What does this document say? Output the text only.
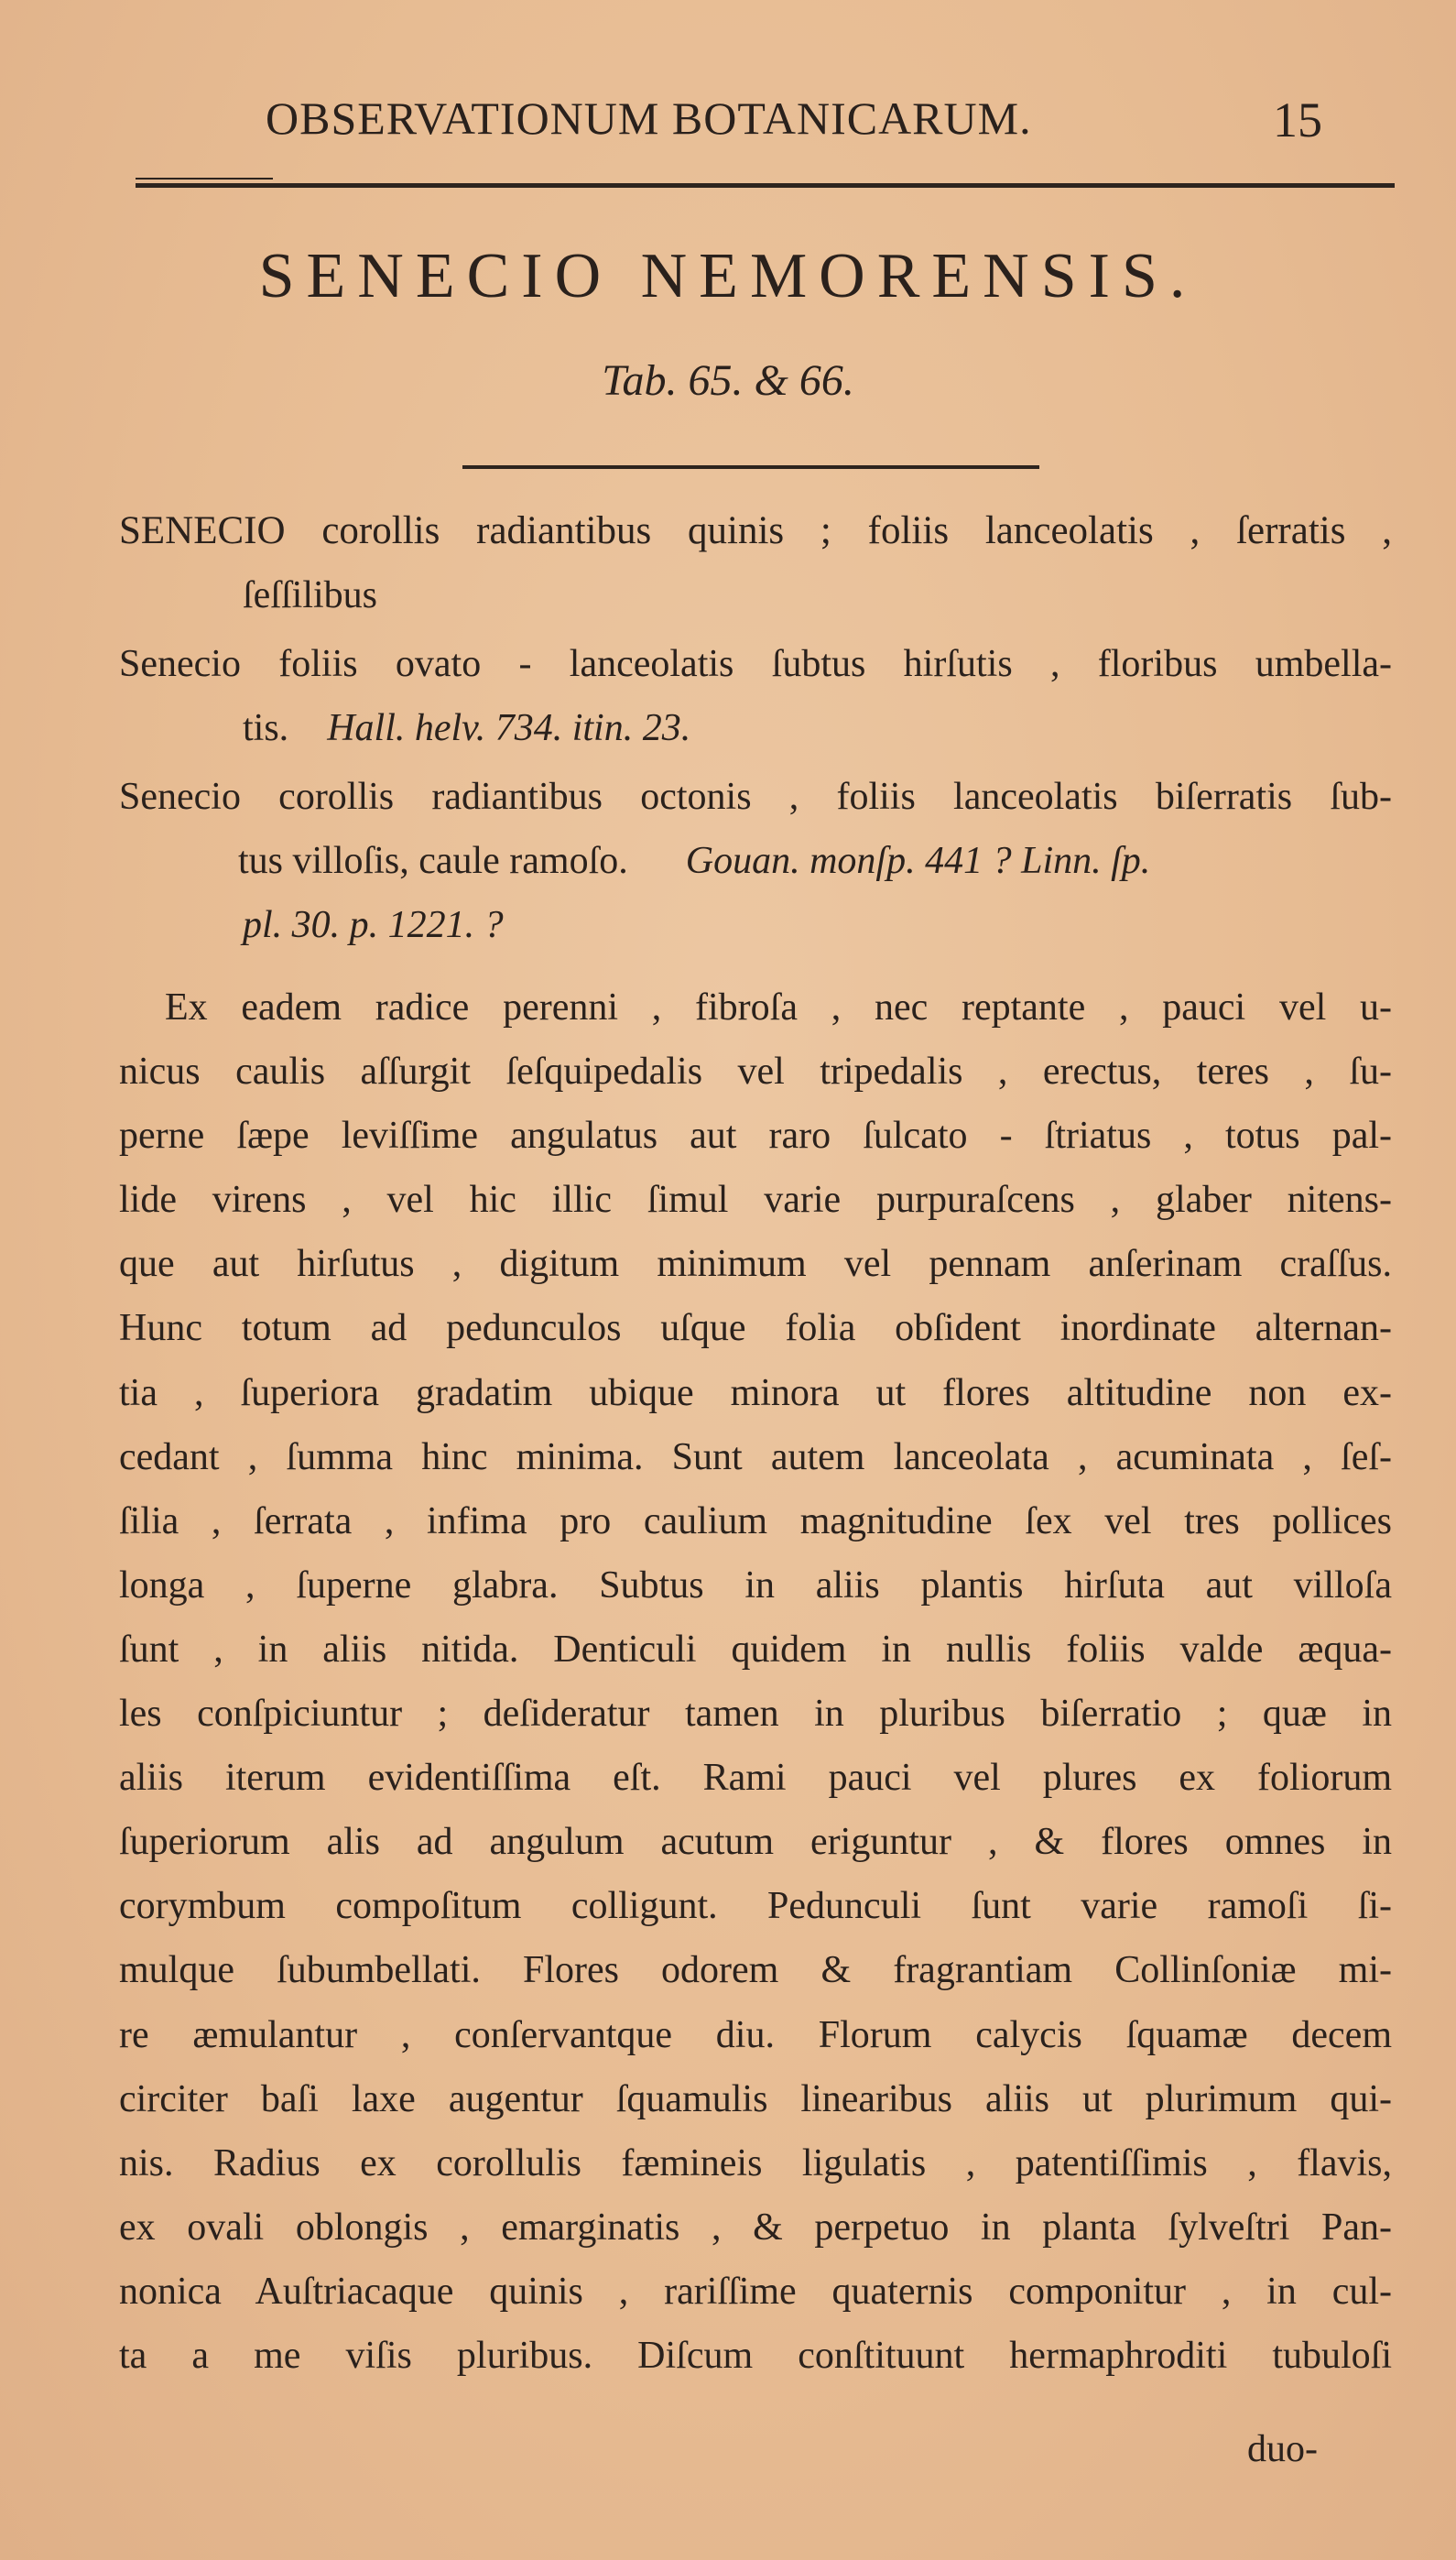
OBSERVATIONUM BOTANICARUM.	15
SENECIO NEMORENSIS.
Tab. 65. & 66.
SENECIO corollis radiantibus quinis ; foliis lanceolatis , ſerratis ,
ſeſſilibus
Senecio foliis ovato - lanceolatis ſubtus hirſutis , floribus umbella-
tis. Hall. helv. 734. itin. 23.
Senecio corollis radiantibus octonis , foliis lanceolatis biſerratis ſub-
tus villoſis, caule ramoſo. Gouan. monſp. 441 ? Linn. ſp.
pl. 30. p. 1221. ?
Ex eadem radice perenni , fibroſa , nec reptante , pauci vel u-
nicus caulis aſſurgit ſeſquipedalis vel tripedalis , erectus, teres , ſu-
perne ſæpe leviſſime angulatus aut raro ſulcato - ſtriatus , totus pal-
lide virens , vel hic illic ſimul varie purpuraſcens , glaber nitens-
que aut hirſutus , digitum minimum vel pennam anſerinam craſſus.
Hunc totum ad pedunculos uſque folia obſident inordinate alternan-
tia , ſuperiora gradatim ubique minora ut flores altitudine non ex-
cedant , ſumma hinc minima. Sunt autem lanceolata , acuminata , ſeſ-
ſilia , ſerrata , infima pro caulium magnitudine ſex vel tres pollices
longa , ſuperne glabra. Subtus in aliis plantis hirſuta aut villoſa
ſunt , in aliis nitida. Denticuli quidem in nullis foliis valde æqua-
les conſpiciuntur ; deſideratur tamen in pluribus biſerratio ; quæ in
aliis iterum evidentiſſima eſt. Rami pauci vel plures ex foliorum
ſuperiorum alis ad angulum acutum eriguntur , & flores omnes in
corymbum compoſitum colligunt. Pedunculi ſunt varie ramoſi ſi-
mulque ſubumbellati. Flores odorem & fragrantiam Collinſoniæ mi-
re æmulantur , conſervantque diu. Florum calycis ſquamæ decem
circiter baſi laxe augentur ſquamulis linearibus aliis ut plurimum qui-
nis. Radius ex corollulis fæmineis ligulatis , patentiſſimis , flavis,
ex ovali oblongis , emarginatis , & perpetuo in planta ſylveſtri Pan-
nonica Auſtriacaque quinis , rariſſime quaternis componitur , in cul-
ta a me viſis pluribus. Diſcum conſtituunt hermaphroditi tubuloſi
duo-
